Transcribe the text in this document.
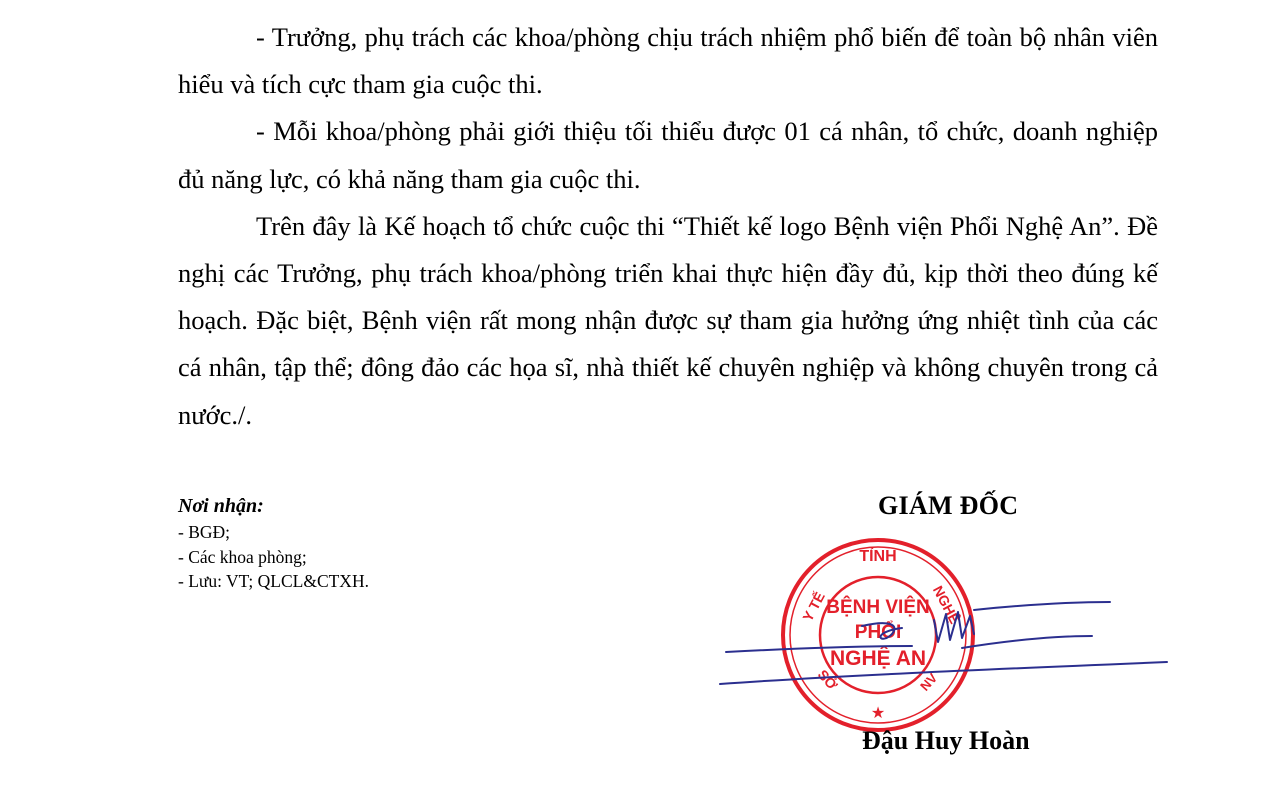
- Trưởng, phụ trách các khoa/phòng chịu trách nhiệm phổ biến để toàn bộ nhân viên hiểu và tích cực tham gia cuộc thi.

- Mỗi khoa/phòng phải giới thiệu tối thiểu được 01 cá nhân, tổ chức, doanh nghiệp đủ năng lực, có khả năng tham gia cuộc thi.

Trên đây là Kế hoạch tổ chức cuộc thi “Thiết kế logo Bệnh viện Phổi Nghệ An”. Đề nghị các Trưởng, phụ trách khoa/phòng triển khai thực hiện đầy đủ, kịp thời theo đúng kế hoạch. Đặc biệt, Bệnh viện rất mong nhận được sự tham gia hưởng ứng nhiệt tình của các cá nhân, tập thể; đông đảo các họa sĩ, nhà thiết kế chuyên nghiệp và không chuyên trong cả nước./.

Nơi nhận:
- BGĐ;
- Các khoa phòng;
- Lưu: VT; QLCL&CTXH.
GIÁM ĐỐC
TỈNH
Y TẾ	NGHỆ
SỞ	NV
★
BỆNH VIỆN
PHỔI
NGHỆ AN
Đậu Huy Hoàn
